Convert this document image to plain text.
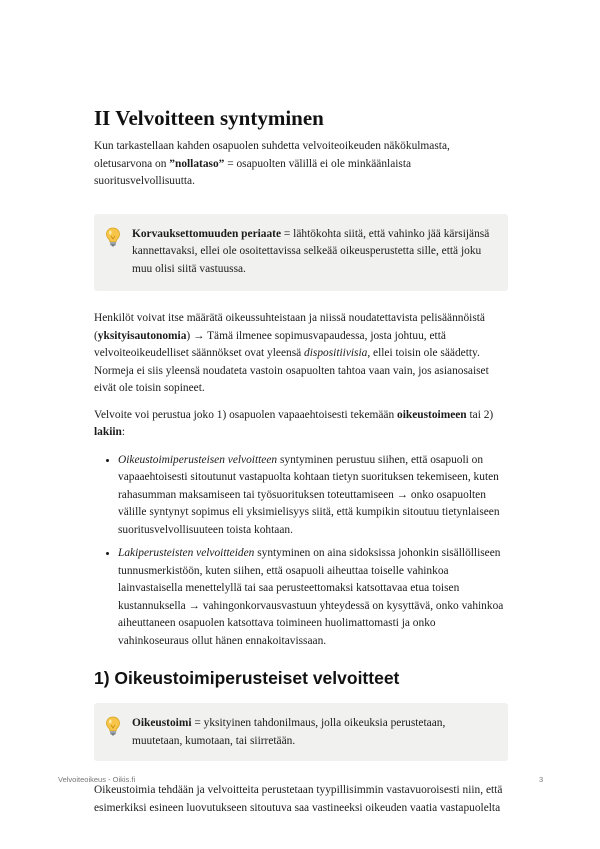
II Velvoitteen syntyminen

Kun tarkastellaan kahden osapuolen suhdetta velvoiteoikeuden näkökulmasta, oletusarvona on ”nollataso” = osapuolten välillä ei ole minkäänlaista suoritusvelvollisuutta.

Korvauksettomuuden periaate = lähtökohta siitä, että vahinko jää kärsijänsä kannettavaksi, ellei ole osoitettavissa selkeää oikeusperustetta sille, että joku muu olisi siitä vastuussa.

Henkilöt voivat itse määrätä oikeussuhteistaan ja niissä noudatettavista pelisäännöistä (yksityisautonomia) → Tämä ilmenee sopimusvapaudessa, josta johtuu, että velvoiteoikeudelliset säännökset ovat yleensä dispositiivisia, ellei toisin ole säädetty. Normeja ei siis yleensä noudateta vastoin osapuolten tahtoa vaan vain, jos asianosaiset eivät ole toisin sopineet.

Velvoite voi perustua joko 1) osapuolen vapaaehtoisesti tekemään oikeustoimeen tai 2) lakiin:

• Oikeustoimiperusteisen velvoitteen syntyminen perustuu siihen, että osapuoli on vapaaehtoisesti sitoutunut vastapuolta kohtaan tietyn suorituksen tekemiseen, kuten rahasumman maksamiseen tai työsuorituksen toteuttamiseen → onko osapuolten välille syntynyt sopimus eli yksimielisyys siitä, että kumpikin sitoutuu tietynlaiseen suoritusvelvollisuuteen toista kohtaan.
• Lakiperusteisten velvoitteiden syntyminen on aina sidoksissa johonkin sisällölliseen tunnusmerkistöön, kuten siihen, että osapuoli aiheuttaa toiselle vahinkoa lainvastaisella menettelyllä tai saa perusteettomaksi katsottavaa etua toisen kustannuksella → vahingonkorvausvastuun yhteydessä on kysyttävä, onko vahinkoa aiheuttaneen osapuolen katsottava toimineen huolimattomasti ja onko vahinkoseuraus ollut hänen ennakoitavissaan.
1) Oikeustoimiperusteiset velvoitteet
Oikeustoimi = yksityinen tahdonilmaus, jolla oikeuksia perustetaan, muutetaan, kumotaan, tai siirretään.

Oikeustoimia tehdään ja velvoitteita perustetaan tyypillisimmin vastavuoroisesti niin, että esimerkiksi esineen luovutukseen sitoutuva saa vastineeksi oikeuden vaatia vastapuolelta

Velvoiteoikeus - Oikis.fi	3
